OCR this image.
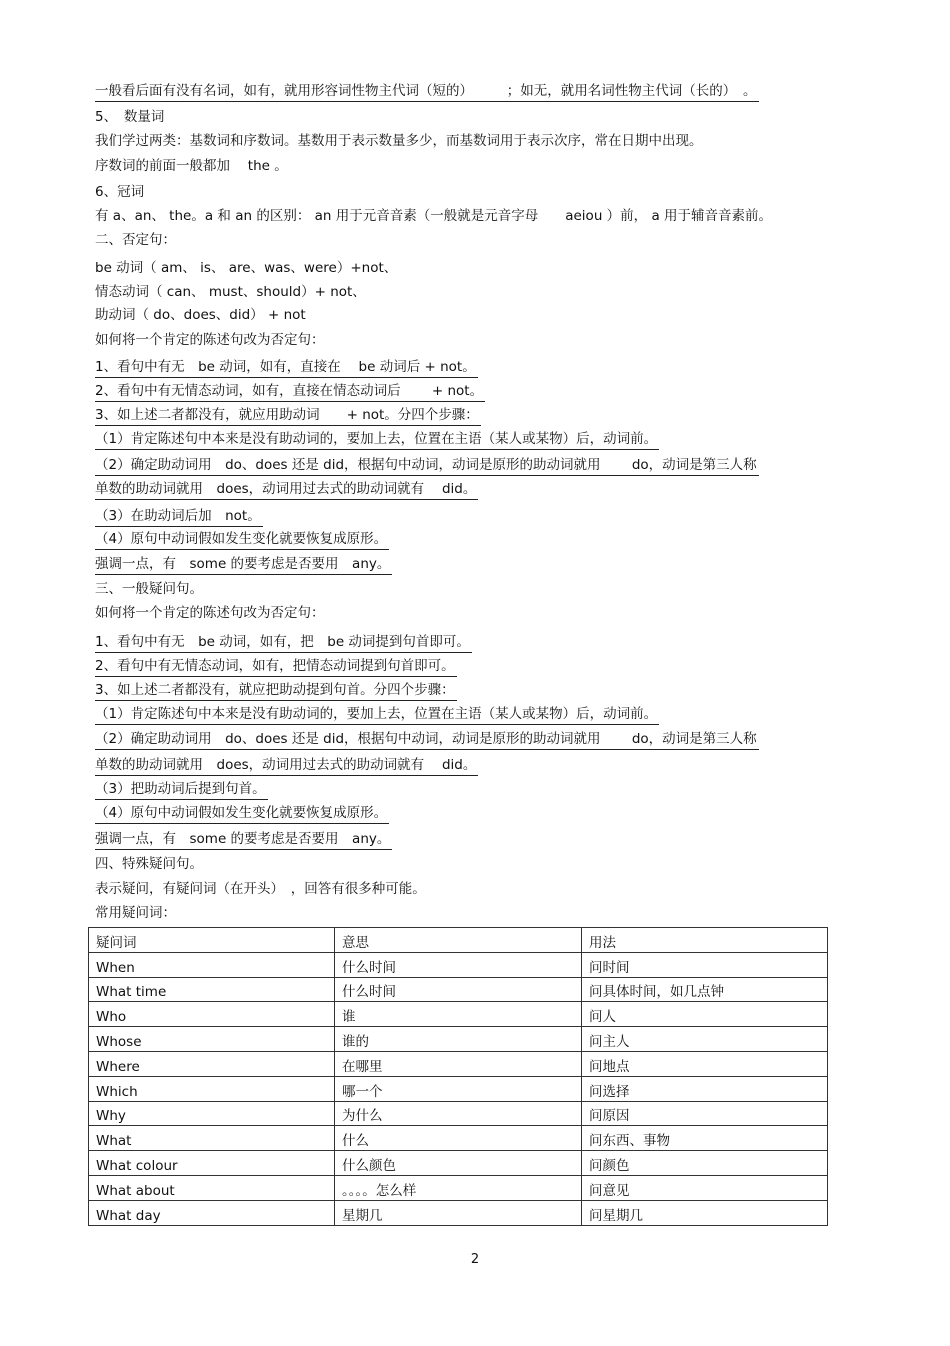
一般看后面有没有名词，如有，就用形容词性物主代词（短的）　　　；如无，就用名词性物主代词（长的）　。
5、　数量词
我们学过两类：基数词和序数词。基数用于表示数量多少，而基数词用于表示次序，常在日期中出现。
序数词的前面一般都加　 the 。
6、冠词
有 a、an、 the。a 和 an 的区别： an 用于元音音素（一般就是元音字母　　aeiou ）前， a 用于辅音音素前。
二、否定句：
be 动词（ am、 is、 are、was、were）+not、
情态动词（ can、 must、should）+ not、
助动词（ do、does、did） + not
如何将一个肯定的陈述句改为否定句：
1、看句中有无　be 动词，如有，直接在　 be 动词后 + not。
2、看句中有无情态动词，如有，直接在情态动词后　　 + not。
3、如上述二者都没有，就应用助动词　　+ not。分四个步骤：
（1）肯定陈述句中本来是没有助动词的，要加上去，位置在主语（某人或某物）后，动词前。
（2）确定助动词用　do、does 还是 did，根据句中动词，动词是原形的助动词就用　　 do，动词是第三人称
单数的助动词就用　does，动词用过去式的助动词就有　 did。
（3）在助动词后加　not。
（4）原句中动词假如发生变化就要恢复成原形。
强调一点，有　some 的要考虑是否要用　any。
三、一般疑问句。
如何将一个肯定的陈述句改为否定句：
1、看句中有无　be 动词，如有，把　be 动词提到句首即可。
2、看句中有无情态动词，如有，把情态动词提到句首即可。
3、如上述二者都没有，就应把助动提到句首。分四个步骤：
（1）肯定陈述句中本来是没有助动词的，要加上去，位置在主语（某人或某物）后，动词前。
（2）确定助动词用　do、does 还是 did，根据句中动词，动词是原形的助动词就用　　 do，动词是第三人称
单数的助动词就用　does，动词用过去式的助动词就有　 did。
（3）把助动词后提到句首。
（4）原句中动词假如发生变化就要恢复成原形。
强调一点，有　some 的要考虑是否要用　any。
四、特殊疑问句。
表示疑问，有疑问词（在开头）　，回答有很多种可能。
常用疑问词：
疑问词	意思	用法
When	什么时间	问时间
What time	什么时间	问具体时间，如几点钟
Who	谁	问人
Whose	谁的	问主人
Where	在哪里	问地点
Which	哪一个	问选择
Why	为什么	问原因
What	什么	问东西、事物
What colour	什么颜色	问颜色
What about	。。。。怎么样	问意见
What day	星期几	问星期几
2
